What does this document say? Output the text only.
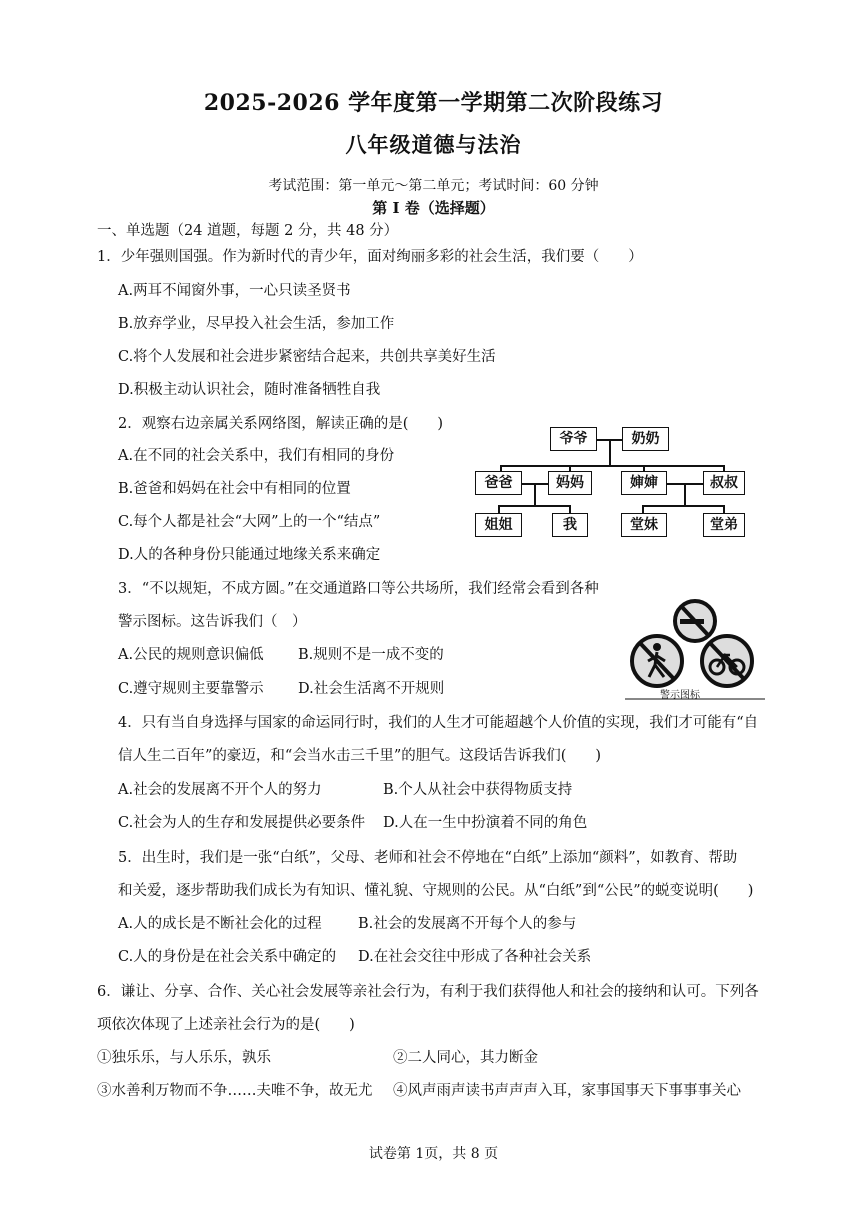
2025-2026 学年度第一学期第二次阶段练习
八年级道德与法治
考试范围：第一单元～第二单元；考试时间：60 分钟
第 I 卷（选择题）
一、单选题（24 道题，每题 2 分，共 48 分）
1．少年强则国强。作为新时代的青少年，面对绚丽多彩的社会生活，我们要（　　）
A.两耳不闻窗外事，一心只读圣贤书
B.放弃学业，尽早投入社会生活，参加工作
C.将个人发展和社会进步紧密结合起来，共创共享美好生活
D.积极主动认识社会，随时准备牺牲自我
2．观察右边亲属关系网络图，解读正确的是(　　)
A.在不同的社会关系中，我们有相同的身份
B.爸爸和妈妈在社会中有相同的位置
C.每个人都是社会“大网”上的一个“结点”
D.人的各种身份只能通过地缘关系来确定
爷爷	奶奶
爸爸	妈妈	婶婶	叔叔
姐姐	我	堂妹	堂弟
3．“不以规矩，不成方圆。”在交通道路口等公共场所，我们经常会看到各种
警示图标。这告诉我们（　）
A.公民的规则意识偏低 B.规则不是一成不变的
C.遵守规则主要靠警示 D.社会生活离不开规则	警示图标
4．只有当自身选择与国家的命运同行时，我们的人生才可能超越个人价值的实现，我们才可能有“自
信人生二百年”的豪迈，和“会当水击三千里”的胆气。这段话告诉我们(　　)
A.社会的发展离不开个人的努力	B.个人从社会中获得物质支持
C.社会为人的生存和发展提供必要条件 D.人在一生中扮演着不同的角色
5．出生时，我们是一张“白纸”，父母、老师和社会不停地在“白纸”上添加“颜料”，如教育、帮助
和关爱，逐步帮助我们成长为有知识、懂礼貌、守规则的公民。从“白纸”到“公民”的蜕变说明(　　)
A.人的成长是不断社会化的过程	B.社会的发展离不开每个人的参与
C.人的身份是在社会关系中确定的 D.在社会交往中形成了各种社会关系
6．谦让、分享、合作、关心社会发展等亲社会行为，有利于我们获得他人和社会的接纳和认可。下列各
项依次体现了上述亲社会行为的是(　　)
①独乐乐，与人乐乐，孰乐	②二人同心，其力断金
③水善利万物而不争……夫唯不争，故无尤 ④风声雨声读书声声声入耳，家事国事天下事事事关心
试卷第 1页，共 8 页
